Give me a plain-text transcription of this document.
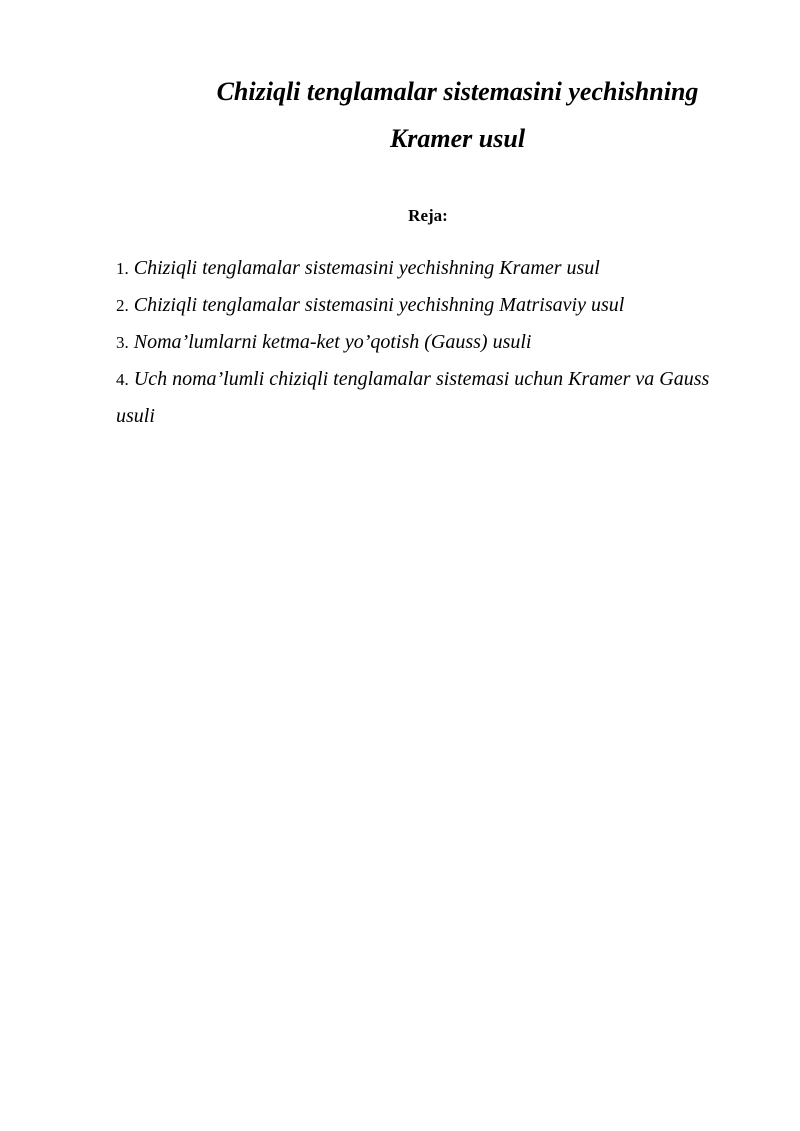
Chiziqli tenglamalar sistemasini yechishning
Kramer usul
Reja:
1. Chiziqli tenglamalar sistemasini yechishning Kramer usul
2. Chiziqli tenglamalar sistemasini yechishning Matrisaviy usul
3. Noma’lumlarni ketma-ket yo’qotish (Gauss) usuli
4. Uch noma’lumli chiziqli tenglamalar sistemasi uchun Kramer va Gauss usuli
